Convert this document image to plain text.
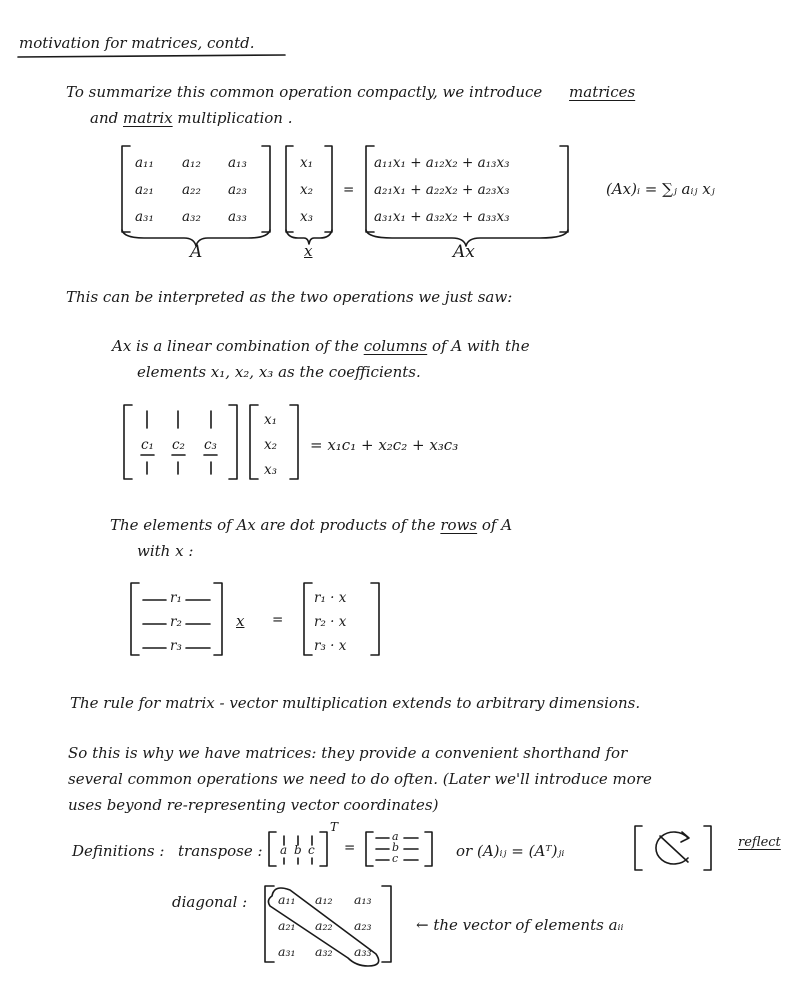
motivation for matrices, contd.
To summarize this common operation compactly, we introduce matrices
and matrix multiplication .
a₁₁ a₁₂ a₁₃
a₂₁ a₂₂ a₂₃
a₃₁ a₃₂ a₃₃
x₁
x₂
x₃
=
a₁₁x₁ + a₁₂x₂ + a₁₃x₃
a₂₁x₁ + a₂₂x₂ + a₂₃x₃
a₃₁x₁ + a₃₂x₂ + a₃₃x₃
A	x	Ax
(Ax)ᵢ = ∑ⱼ aᵢⱼ xⱼ
This can be interpreted as the two operations we just saw:
Ax is a linear combination of the columns of A with the
elements x₁, x₂, x₃ as the coefficients.
c₁ c₂ c₃
x₁
x₂
x₃
= x₁c₁ + x₂c₂ + x₃c₃
The elements of Ax are dot products of the rows of A
with x :
r₁
r₂
r₃
x =
r₁ · x
r₂ · x
r₃ · x
The rule for matrix - vector multiplication extends to arbitrary dimensions.
So this is why we have matrices: they provide a convenient shorthand for
several common operations we need to do often. (Later we'll introduce more
uses beyond re-representing vector coordinates)
Definitions : transpose : a b c
T
=
a
b
c	or (A)ᵢⱼ = (Aᵀ)ⱼᵢ	reflect
diagonal : a₁₁ a₁₂ a₁₃
a₂₁ a₂₂ a₂₃
a₃₁ a₃₂ a₃₃
← the vector of elements aᵢᵢ
